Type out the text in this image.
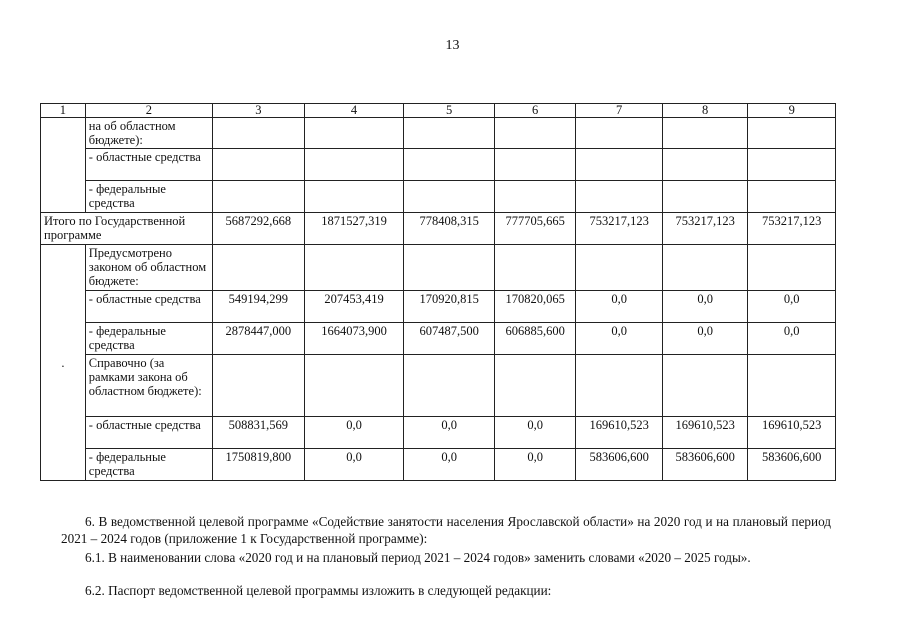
13
1	2	3	4	5	6	7	8	9
	на об областном бюджете):							
	- областные средства							
	- федеральные средства							
Итого по Государственной программе		5687292,668	1871527,319	778408,315	777705,665	753217,123	753217,123	753217,123
.	Предусмотрено законом об областном бюджете:							
	- областные средства	549194,299	207453,419	170920,815	170820,065	0,0	0,0	0,0
	- федеральные средства	2878447,000	1664073,900	607487,500	606885,600	0,0	0,0	0,0
	Справочно (за рамками закона об областном бюджете):							
	- областные средства	508831,569	0,0	0,0	0,0	169610,523	169610,523	169610,523
	- федеральные средства	1750819,800	0,0	0,0	0,0	583606,600	583606,600	583606,600
6. В ведомственной целевой программе «Содействие занятости населения Ярославской области» на 2020 год и на плановый период 2021 – 2024 годов (приложение 1 к Государственной программе):
6.1. В наименовании слова «2020 год и на плановый период 2021 – 2024 годов» заменить словами «2020 – 2025 годы».
6.2. Паспорт ведомственной целевой программы изложить в следующей редакции:
